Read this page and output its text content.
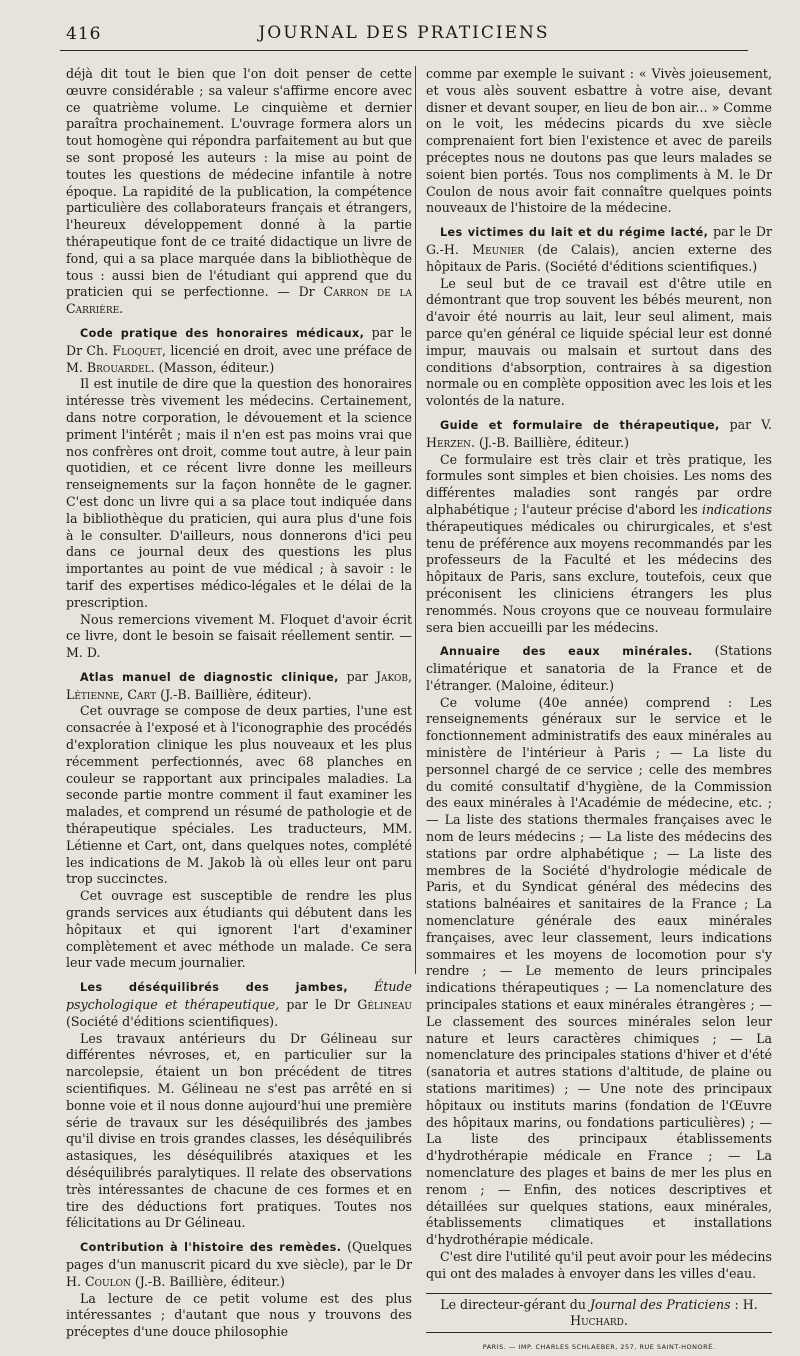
416	JOURNAL DES PRATICIENS

déjà dit tout le bien que l'on doit penser de cette œuvre considérable ; sa valeur s'affirme encore avec ce quatrième volume. Le cinquième et dernier paraîtra prochainement. L'ouvrage formera alors un tout homogène qui répondra parfaitement au but que se sont proposé les auteurs : la mise au point de toutes les questions de médecine infantile à notre époque. La rapidité de la publication, la compétence particulière des collaborateurs français et étrangers, l'heureux développement donné à la partie thérapeutique font de ce traité didactique un livre de fond, qui a sa place marquée dans la bibliothèque de tous : aussi bien de l'étudiant qui apprend que du praticien qui se perfectionne. — Dr Carron de la Carrière.

Code pratique des honoraires médicaux, par le Dr Ch. Floquet, licencié en droit, avec une préface de M. Brouardel. (Masson, éditeur.)

Il est inutile de dire que la question des honoraires intéresse très vivement les médecins. Certainement, dans notre corporation, le dévouement et la science priment l'intérêt ; mais il n'en est pas moins vrai que nos confrères ont droit, comme tout autre, à leur pain quotidien, et ce récent livre donne les meilleurs renseignements sur la façon honnête de le gagner. C'est donc un livre qui a sa place tout indiquée dans la bibliothèque du praticien, qui aura plus d'une fois à le consulter. D'ailleurs, nous donnerons d'ici peu dans ce journal deux des questions les plus importantes au point de vue médical ; à savoir : le tarif des expertises médico-légales et le délai de la prescription.

Nous remercions vivement M. Floquet d'avoir écrit ce livre, dont le besoin se faisait réellement sentir. — M. D.

Atlas manuel de diagnostic clinique, par Jakob, Létienne, Cart (J.-B. Baillière, éditeur).

Cet ouvrage se compose de deux parties, l'une est consacrée à l'exposé et à l'iconographie des procédés d'exploration clinique les plus nouveaux et les plus récemment perfectionnés, avec 68 planches en couleur se rapportant aux principales maladies. La seconde partie montre comment il faut examiner les malades, et comprend un résumé de pathologie et de thérapeutique spéciales. Les traducteurs, MM. Létienne et Cart, ont, dans quelques notes, complété les indications de M. Jakob là où elles leur ont paru trop succinctes.

Cet ouvrage est susceptible de rendre les plus grands services aux étudiants qui débutent dans les hôpitaux et qui ignorent l'art d'examiner complètement et avec méthode un malade. Ce sera leur vade mecum journalier.

Les déséquilibrés des jambes, Étude psychologique et thérapeutique, par le Dr Gélineau (Société d'éditions scientifiques).

Les travaux antérieurs du Dr Gélineau sur différentes névroses, et, en particulier sur la narcolepsie, étaient un bon précédent de titres scientifiques. M. Gélineau ne s'est pas arrêté en si bonne voie et il nous donne aujourd'hui une première série de travaux sur les déséquilibrés des jambes qu'il divise en trois grandes classes, les déséquilibrés astasiques, les déséquilibrés ataxiques et les déséquilibrés paralytiques. Il relate des observations très intéressantes de chacune de ces formes et en tire des déductions fort pratiques. Toutes nos félicitations au Dr Gélineau.

Contribution à l'histoire des remèdes. (Quelques pages d'un manuscrit picard du xve siècle), par le Dr H. Coulon (J.-B. Baillière, éditeur.)

La lecture de ce petit volume est des plus intéressantes ; d'autant que nous y trouvons des préceptes d'une douce philosophie

comme par exemple le suivant : « Vivès joieusement, et vous alès souvent esbattre à votre aise, devant disner et devant souper, en lieu de bon air... » Comme on le voit, les médecins picards du xve siècle comprenaient fort bien l'existence et avec de pareils préceptes nous ne doutons pas que leurs malades se soient bien portés. Tous nos compliments à M. le Dr Coulon de nous avoir fait connaître quelques points nouveaux de l'histoire de la médecine.

Les victimes du lait et du régime lacté, par le Dr G.-H. Meunier (de Calais), ancien externe des hôpitaux de Paris. (Société d'éditions scientifiques.)

Le seul but de ce travail est d'être utile en démontrant que trop souvent les bébés meurent, non d'avoir été nourris au lait, leur seul aliment, mais parce qu'en général ce liquide spécial leur est donné impur, mauvais ou malsain et surtout dans des conditions d'absorption, contraires à sa digestion normale ou en complète opposition avec les lois et les volontés de la nature.

Guide et formulaire de thérapeutique, par V. Herzen. (J.-B. Baillière, éditeur.)

Ce formulaire est très clair et très pratique, les formules sont simples et bien choisies. Les noms des différentes maladies sont rangés par ordre alphabétique ; l'auteur précise d'abord les indications thérapeutiques médicales ou chirurgicales, et s'est tenu de préférence aux moyens recommandés par les professeurs de la Faculté et les médecins des hôpitaux de Paris, sans exclure, toutefois, ceux que préconisent les cliniciens étrangers les plus renommés. Nous croyons que ce nouveau formulaire sera bien accueilli par les médecins.

Annuaire des eaux minérales. (Stations climatérique et sanatoria de la France et de l'étranger. (Maloine, éditeur.)

Ce volume (40e année) comprend : Les renseignements généraux sur le service et le fonctionnement administratifs des eaux minérales au ministère de l'intérieur à Paris ; — La liste du personnel chargé de ce service ; celle des membres du comité consultatif d'hygiène, de la Commission des eaux minérales à l'Académie de médecine, etc. ; — La liste des stations thermales françaises avec le nom de leurs médecins ; — La liste des médecins des stations par ordre alphabétique ; — La liste des membres de la Société d'hydrologie médicale de Paris, et du Syndicat général des médecins des stations balnéaires et sanitaires de la France ; La nomenclature générale des eaux minérales françaises, avec leur classement, leurs indications sommaires et les moyens de locomotion pour s'y rendre ; — Le memento de leurs principales indications thérapeutiques ; — La nomenclature des principales stations et eaux minérales étrangères ; — Le classement des sources minérales selon leur nature et leurs caractères chimiques ; — La nomenclature des principales stations d'hiver et d'été (sanatoria et autres stations d'altitude, de plaine ou stations maritimes) ; — Une note des principaux hôpitaux ou instituts marins (fondation de l'Œuvre des hôpitaux marins, ou fondations particulières) ; — La liste des principaux établissements d'hydrothérapie médicale en France ; — La nomenclature des plages et bains de mer les plus en renom ; — Enfin, des notices descriptives et détaillées sur quelques stations, eaux minérales, établissements climatiques et installations d'hydrothérapie médicale.

C'est dire l'utilité qu'il peut avoir pour les médecins qui ont des malades à envoyer dans les villes d'eau.

Le directeur-gérant du Journal des Praticiens : H. Huchard.
PARIS. — IMP. CHARLES SCHLAEBER, 257, RUE SAINT-HONORÉ.
